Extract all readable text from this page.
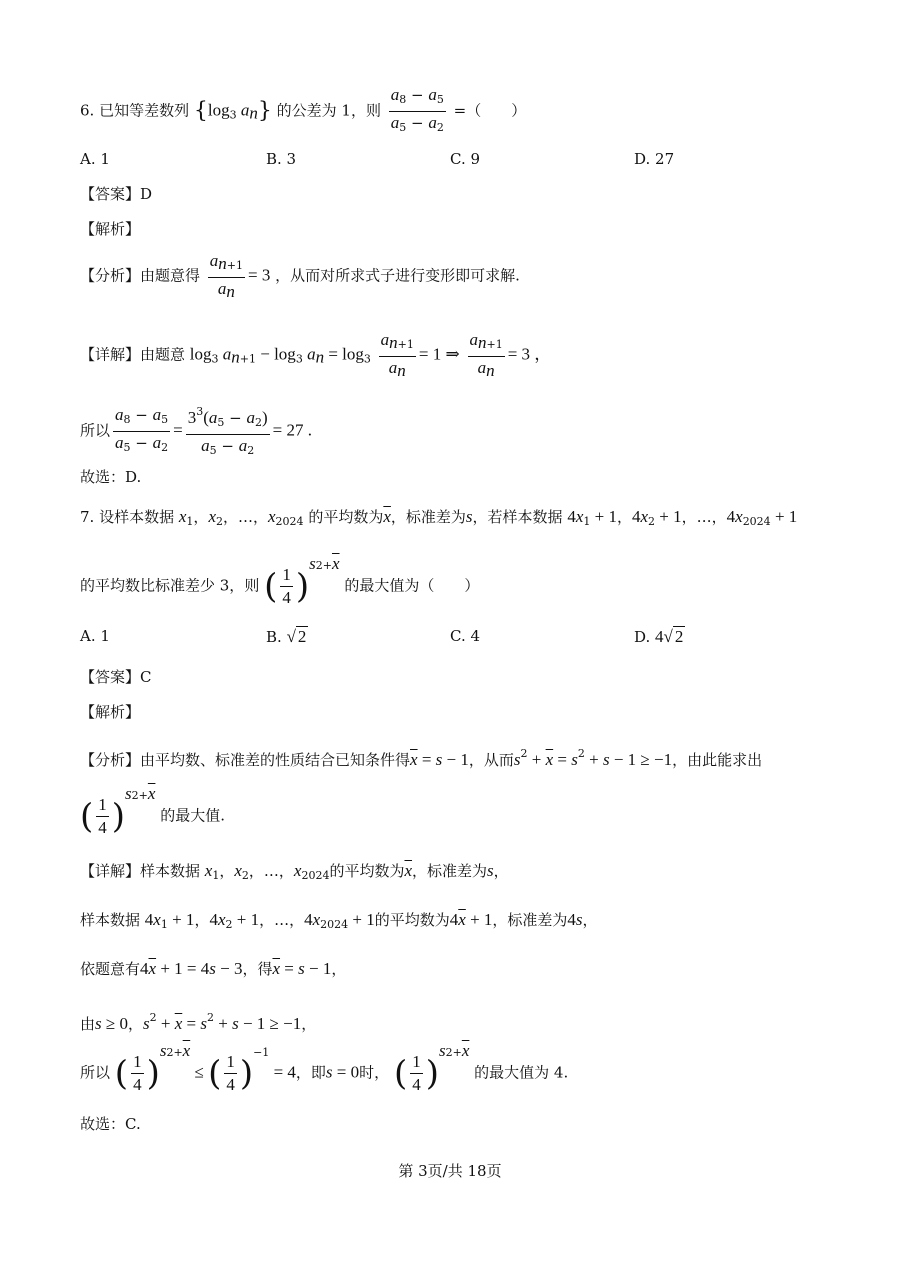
6. 已知等差数列 {$\log_3$ $a_n$} 的公差为 1，则 $\frac{a_8 - a_5}{a_5 - a_2}$ =（　　）
A. 1	B. 3	C. 9	D. 27
【答案】D
【解析】
【分析】由题意得 $\frac{a_{n+1}}{a_n} = 3$ ，从而对所求式子进行变形即可求解.
【详解】由题意 $\log_3 a_{n+1} - \log_3 a_n = \log_3 \frac{a_{n+1}}{a_n} = 1$ ⇒ $\frac{a_{n+1}}{a_n} = 3$ ，
所以 $\frac{a_8 - a_5}{a_5 - a_2} = \frac{3^3(a_5 - a_2)}{a_5 - a_2} = 27$ .
故选：D.
7. 设样本数据 $x_1$，$x_2$，…，$x_{2024}$ 的平均数为$\overline{x}$，标准差为s，若样本数据 $4x_1 + 1$，$4x_2 + 1$，…，$4x_{2024} + 1$
的平均数比标准差少 3，则 ( $\frac{1}{4} )^{s2+\overline{x}}$ 的最大值为（　　）
A. 1	B. √ 2	C. 4	D. 4√ 2
【答案】C
【解析】
【分析】由平均数、标准差的性质结合已知条件得$\overline{x} = s - 1$，从而$s^2 + \overline{x} = s^2 + s - 1 \ge -1$，由此能求出
( $\frac{1}{4} )^{s2+\overline{x}}$ 的最大值.
【详解】样本数据 $x_1$，$x_2$，…，$x_{2024}$的平均数为$\overline{x}$，标准差为s，
样本数据 $4x_1 + 1$，$4x_2 + 1$，…，$4x_{2024} + 1$的平均数为$4\overline{x} + 1$，标准差为4s，
依题意有$4\overline{x} + 1 = 4s - 3$，得$\overline{x} = s - 1$，
由s ≥ 0，$s^2 + \overline{x} = s^2 + s - 1 \ge -1$，
所以 ( $\frac{1}{4} )^{s2+\overline{x}}$ ≤ ( $\frac{1}{4} )^{-1} = 4$，即s = 0时， ( $\frac{1}{4} )^{s2+\overline{x}}$ 的最大值为 4.
故选：C.
第 3页/共 18页
